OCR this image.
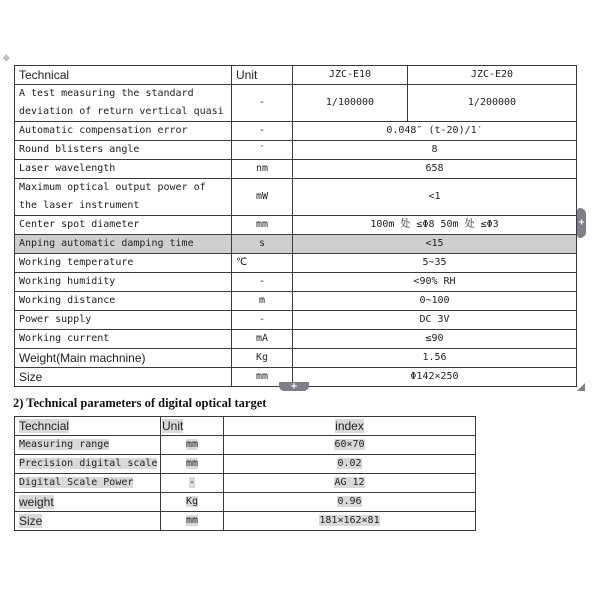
✥
Technical	Unit	JZC-E10	JZC-E20
A test measuring the standard deviation of return vertical quasi	-	1/100000	1/200000
Automatic compensation error	-	0.048″ (t-20)/1′	
Round blisters angle	′	8	
Laser wavelength	nm	658	
Maximum optical output power of the laser instrument	mW	<1	
Center spot diameter	mm	100m 处 ≤Φ8 50m 处 ≤Φ3	
Anping automatic damping time	s	<15	
Working temperature	℃	5~35	
Working humidity	-	<90% RH	
Working distance	m	0~100	
Power supply	-	DC 3V	
Working current	mA	≤90	
Weight(Main machnine)	Kg	1.56	
Size	mm	Φ142×250	
+
+
2) Technical parameters of digital optical target
Techncial	Unit	index
Measuring range	mm	60×70
Precision digital scale	mm	0.02
Digital Scale Power	-	AG 12
weight	Kg	0.96
Size	mm	181×162×81
